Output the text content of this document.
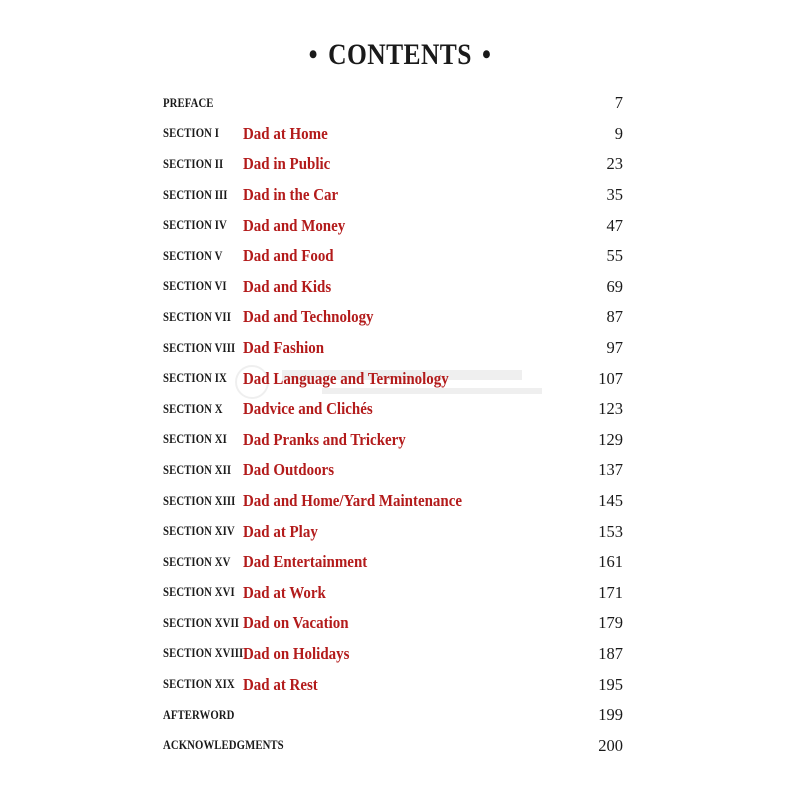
• CONTENTS •
PREFACE	7
SECTION I Dad at Home	9
SECTION II Dad in Public	23
SECTION III Dad in the Car	35
SECTION IV Dad and Money	47
SECTION V Dad and Food	55
SECTION VI Dad and Kids	69
SECTION VII Dad and Technology	87
SECTION VIII Dad Fashion	97
SECTION IX Dad Language and Terminology	107
SECTION X Dadvice and Clichés	123
SECTION XI Dad Pranks and Trickery	129
SECTION XII Dad Outdoors	137
SECTION XIII Dad and Home/Yard Maintenance	145
SECTION XIV Dad at Play	153
SECTION XV Dad Entertainment	161
SECTION XVI Dad at Work	171
SECTION XVII Dad on Vacation	179
SECTION XVIII Dad on Holidays	187
SECTION XIX Dad at Rest	195
AFTERWORD	199
ACKNOWLEDGMENTS	200
